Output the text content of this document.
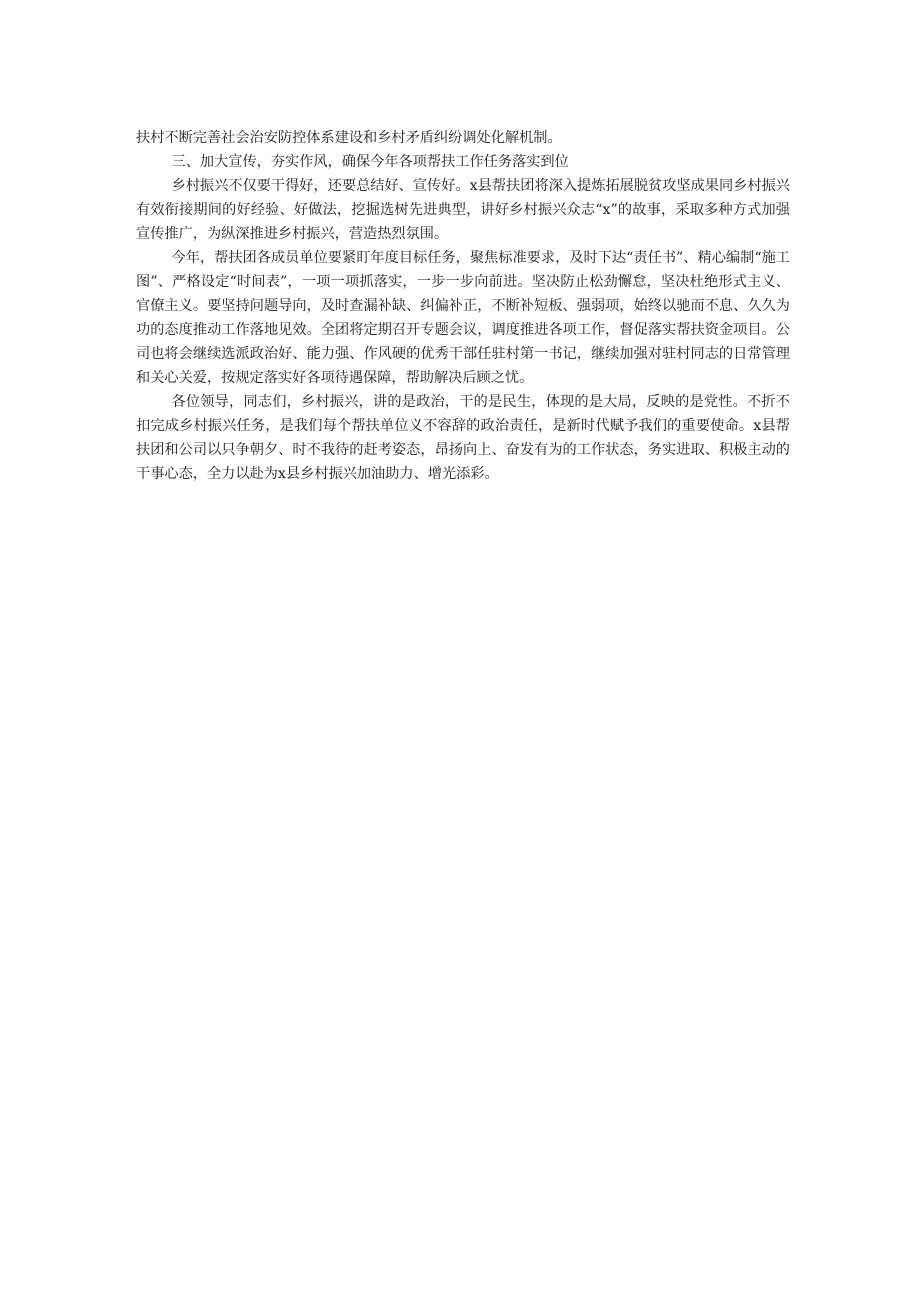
扶村不断完善社会治安防控体系建设和乡村矛盾纠纷调处化解机制。

三、加大宣传，夯实作风，确保今年各项帮扶工作任务落实到位

乡村振兴不仅要干得好，还要总结好、宣传好。x县帮扶团将深入提炼拓展脱贫攻坚成果同乡村振兴有效衔接期间的好经验、好做法，挖掘选树先进典型，讲好乡村振兴众志“x”的故事，采取多种方式加强宣传推广，为纵深推进乡村振兴，营造热烈氛围。

今年，帮扶团各成员单位要紧盯年度目标任务，聚焦标准要求，及时下达“责任书”、精心编制“施工图”、严格设定“时间表”，一项一项抓落实，一步一步向前进。坚决防止松劲懈怠，坚决杜绝形式主义、官僚主义。要坚持问题导向，及时查漏补缺、纠偏补正，不断补短板、强弱项，始终以驰而不息、久久为功的态度推动工作落地见效。全团将定期召开专题会议，调度推进各项工作，督促落实帮扶资金项目。公司也将会继续选派政治好、能力强、作风硬的优秀干部任驻村第一书记，继续加强对驻村同志的日常管理和关心关爱，按规定落实好各项待遇保障，帮助解决后顾之忧。

各位领导，同志们，乡村振兴，讲的是政治，干的是民生，体现的是大局，反映的是党性。不折不扣完成乡村振兴任务，是我们每个帮扶单位义不容辞的政治责任，是新时代赋予我们的重要使命。x县帮扶团和公司以只争朝夕、时不我待的赶考姿态，昂扬向上、奋发有为的工作状态，务实进取、积极主动的干事心态，全力以赴为x县乡村振兴加油助力、增光添彩。
